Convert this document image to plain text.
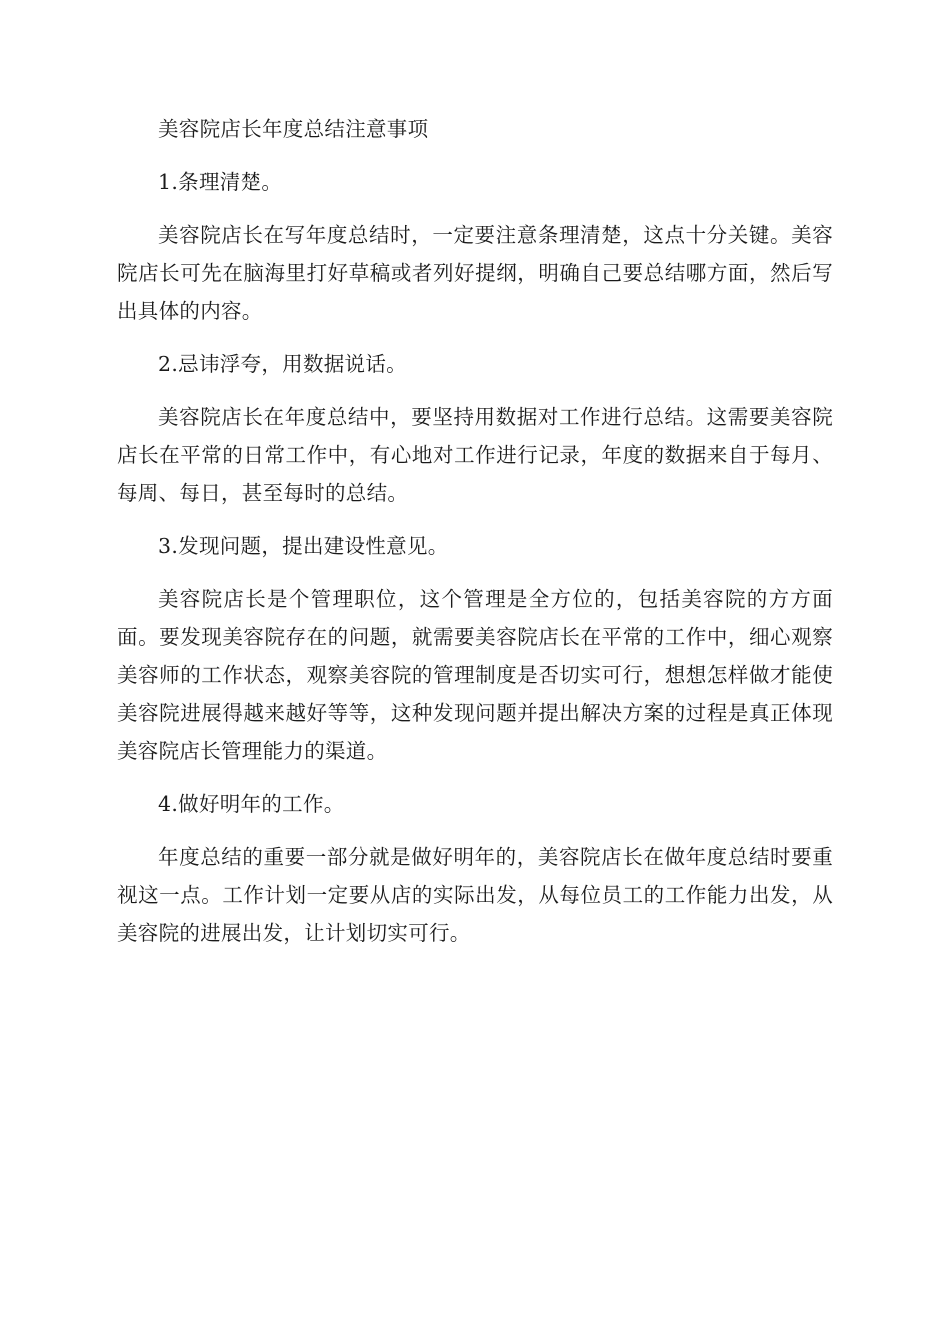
美容院店长年度总结注意事项

1.条理清楚。

美容院店长在写年度总结时，一定要注意条理清楚，这点十分关键。美容院店长可先在脑海里打好草稿或者列好提纲，明确自己要总结哪方面，然后写出具体的内容。

2.忌讳浮夸，用数据说话。

美容院店长在年度总结中，要坚持用数据对工作进行总结。这需要美容院店长在平常的日常工作中，有心地对工作进行记录，年度的数据来自于每月、每周、每日，甚至每时的总结。

3.发现问题，提出建设性意见。

美容院店长是个管理职位，这个管理是全方位的，包括美容院的方方面面。要发现美容院存在的问题，就需要美容院店长在平常的工作中，细心观察美容师的工作状态，观察美容院的管理制度是否切实可行，想想怎样做才能使美容院进展得越来越好等等，这种发现问题并提出解决方案的过程是真正体现美容院店长管理能力的渠道。

4.做好明年的工作。

年度总结的重要一部分就是做好明年的，美容院店长在做年度总结时要重视这一点。工作计划一定要从店的实际出发，从每位员工的工作能力出发，从美容院的进展出发，让计划切实可行。
